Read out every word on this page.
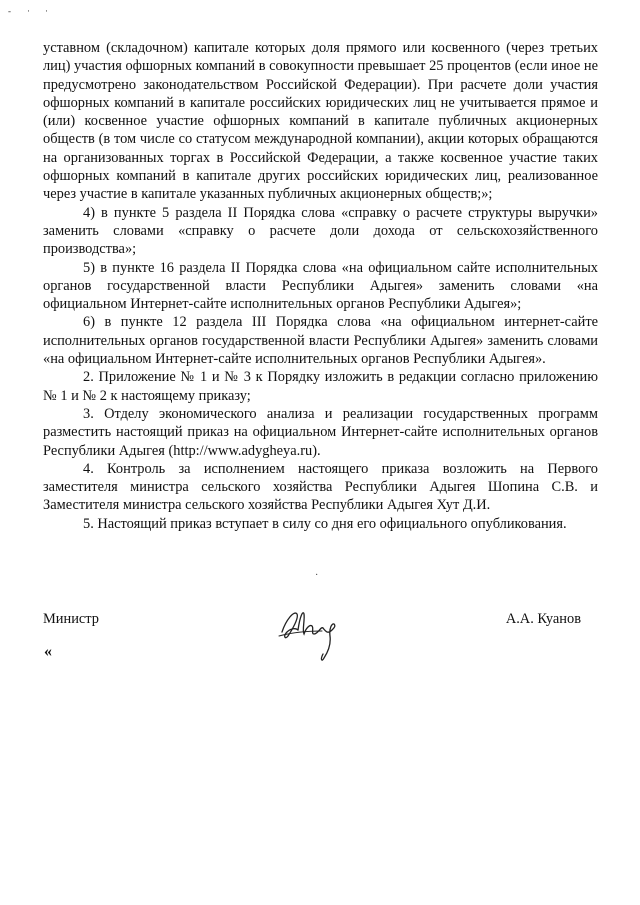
- · ·

уставном (складочном) капитале которых доля прямого или косвенного (через третьих лиц) участия офшорных компаний в совокупности превышает 25 процентов (если иное не предусмотрено законодательством Российской Федерации). При расчете доли участия офшорных компаний в капитале российских юридических лиц не учитывается прямое и (или) косвенное участие офшорных компаний в капитале публичных акционерных обществ (в том числе со статусом международной компании), акции которых обращаются на организованных торгах в Российской Федерации, а также косвенное участие таких офшорных компаний в капитале других российских юридических лиц, реализованное через участие в капитале указанных публичных акционерных обществ;»;

4) в пункте 5 раздела II Порядка слова «справку о расчете структуры выручки» заменить словами «справку о расчете доли дохода от сельскохозяйственного производства»;

5) в пункте 16 раздела II Порядка слова «на официальном сайте исполнительных органов государственной власти Республики Адыгея» заменить словами «на официальном Интернет-сайте исполнительных органов Республики Адыгея»;

6) в пункте 12 раздела III Порядка слова «на официальном интернет-сайте исполнительных органов государственной власти Республики Адыгея» заменить словами «на официальном Интернет-сайте исполнительных органов Республики Адыгея».

2. Приложение № 1 и № 3 к Порядку изложить в редакции согласно приложению № 1 и № 2 к настоящему приказу;

3. Отделу экономического анализа и реализации государственных программ разместить настоящий приказ на официальном Интернет-сайте исполнительных органов Республики Адыгея (http://www.adygheya.ru).

4. Контроль за исполнением настоящего приказа возложить на Первого заместителя министра сельского хозяйства Республики Адыгея Шопина С.В. и Заместителя министра сельского хозяйства Республики Адыгея Хут Д.И.

5. Настоящий приказ вступает в силу со дня его официального опубликования.

·
Министр	А.А. Куанов
«
